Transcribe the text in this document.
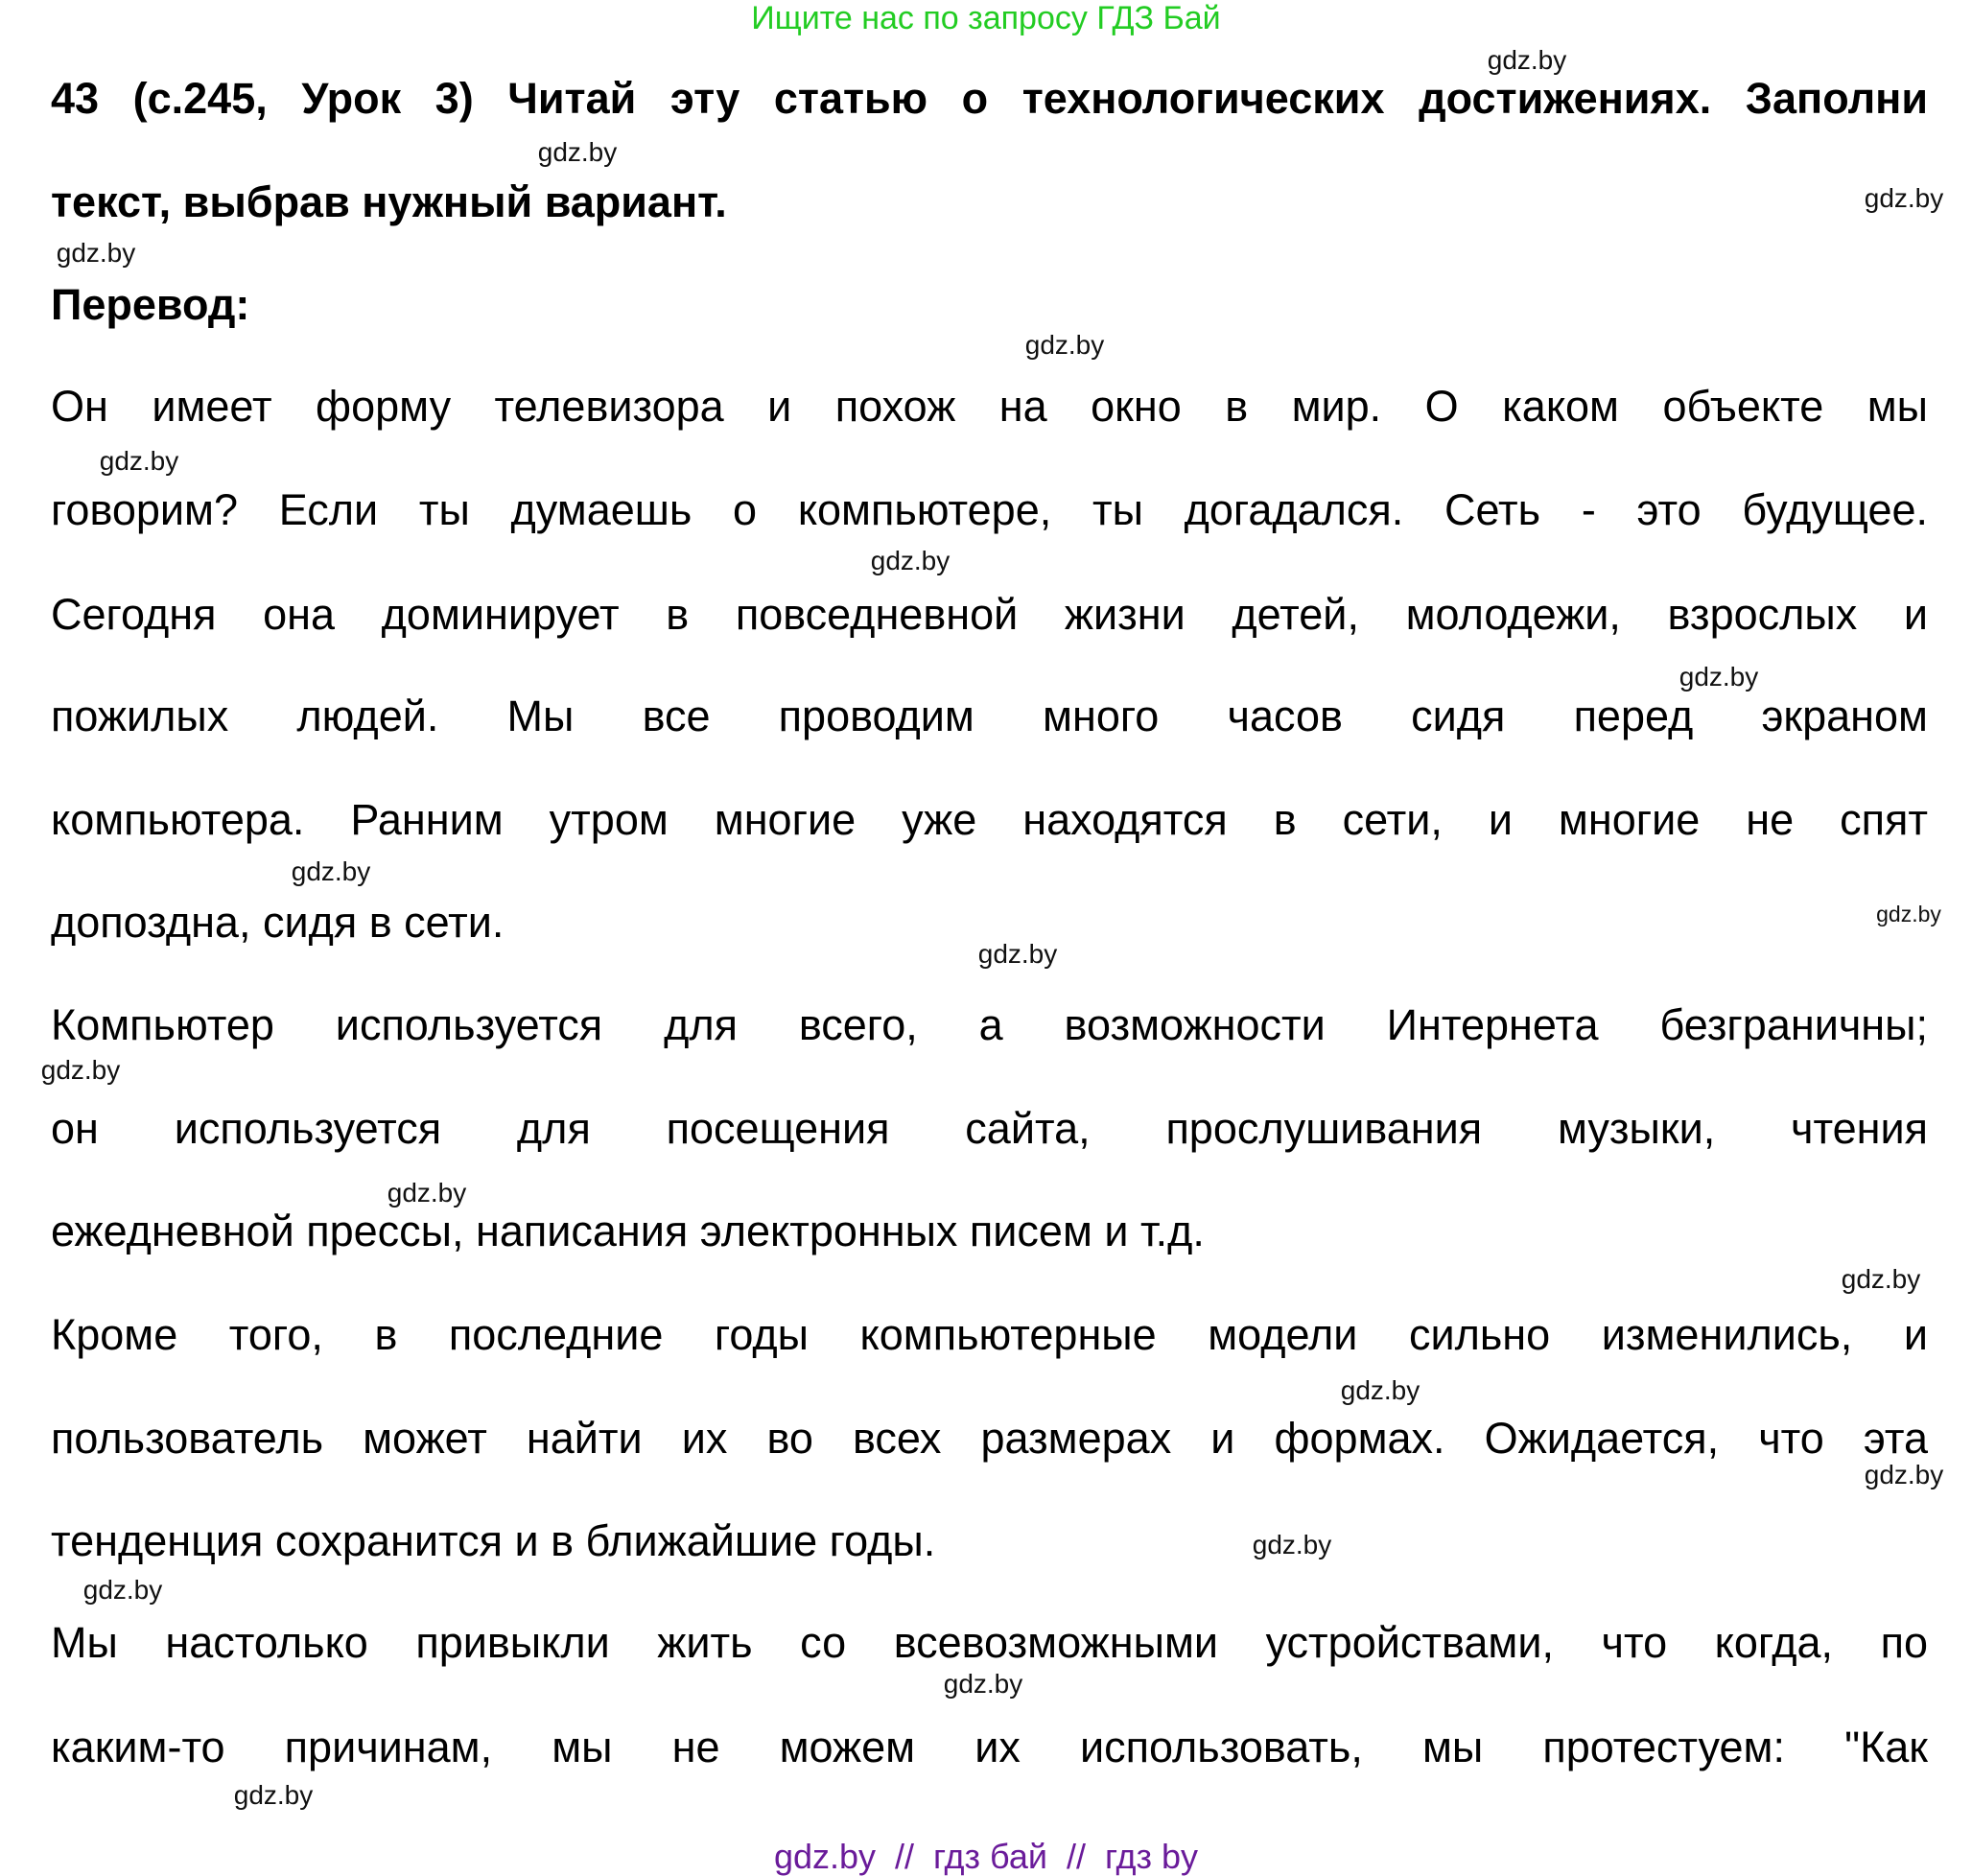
Ищите нас по запросу ГДЗ Бай
43 (с.245, Урок 3) Читай эту статью о технологических достижениях. Заполни
текст, выбрав нужный вариант.
Перевод:
Он имеет форму телевизора и похож на окно в мир. О каком объекте мы
говорим? Если ты думаешь о компьютере, ты догадался. Сеть - это будущее.
Сегодня она доминирует в повседневной жизни детей, молодежи, взрослых и
пожилых людей. Мы все проводим много часов сидя перед экраном
компьютера. Ранним утром многие уже находятся в сети, и многие не спят
допоздна, сидя в сети.
Компьютер используется для всего, а возможности Интернета безграничны;
он используется для посещения сайта, прослушивания музыки, чтения
ежедневной прессы, написания электронных писем и т.д.
Кроме того, в последние годы компьютерные модели сильно изменились, и
пользователь может найти их во всех размерах и формах. Ожидается, что эта
тенденция сохранится и в ближайшие годы.
Мы настолько привыкли жить со всевозможными устройствами, что когда, по
каким-то причинам, мы не можем их использовать, мы протестуем: "Как
gdz.by
gdz.by
gdz.by
gdz.by
gdz.by
gdz.by
gdz.by
gdz.by
gdz.by
gdz.by
gdz.by
gdz.by
gdz.by
gdz.by
gdz.by
gdz.by
gdz.by
gdz.by
gdz.by
gdz.by
gdz.by  //  гдз бай  //  гдз by
